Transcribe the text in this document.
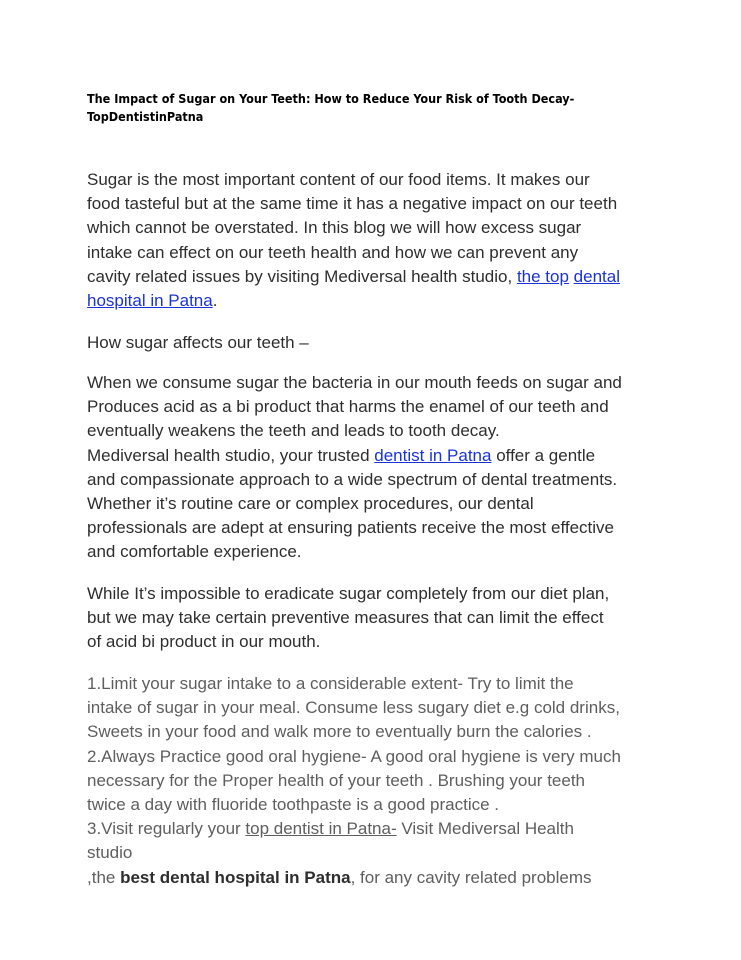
The Impact of Sugar on Your Teeth: How to Reduce Your Risk of Tooth Decay-
TopDentistinPatna
Sugar is the most important content of our food items. It makes our
food tasteful but at the same time it has a negative impact on our teeth
which cannot be overstated. In this blog we will how excess sugar
intake can effect on our teeth health and how we can prevent any
cavity related issues by visiting Mediversal health studio, the top dental
hospital in Patna.
How sugar affects our teeth –
When we consume sugar the bacteria in our mouth feeds on sugar and
Produces acid as a bi product that harms the enamel of our teeth and
eventually weakens the teeth and leads to tooth decay.
Mediversal health studio, your trusted dentist in Patna offer a gentle
and compassionate approach to a wide spectrum of dental treatments.
Whether it’s routine care or complex procedures, our dental
professionals are adept at ensuring patients receive the most effective
and comfortable experience.
While It’s impossible to eradicate sugar completely from our diet plan,
but we may take certain preventive measures that can limit the effect
of acid bi product in our mouth.
1.Limit your sugar intake to a considerable extent- Try to limit the
intake of sugar in your meal. Consume less sugary diet e.g cold drinks,
Sweets in your food and walk more to eventually burn the calories .
2.Always Practice good oral hygiene- A good oral hygiene is very much
necessary for the Proper health of your teeth . Brushing your teeth
twice a day with fluoride toothpaste is a good practice .
3.Visit regularly your top dentist in Patna- Visit Mediversal Health
studio
,the best dental hospital in Patna, for any cavity related problems
